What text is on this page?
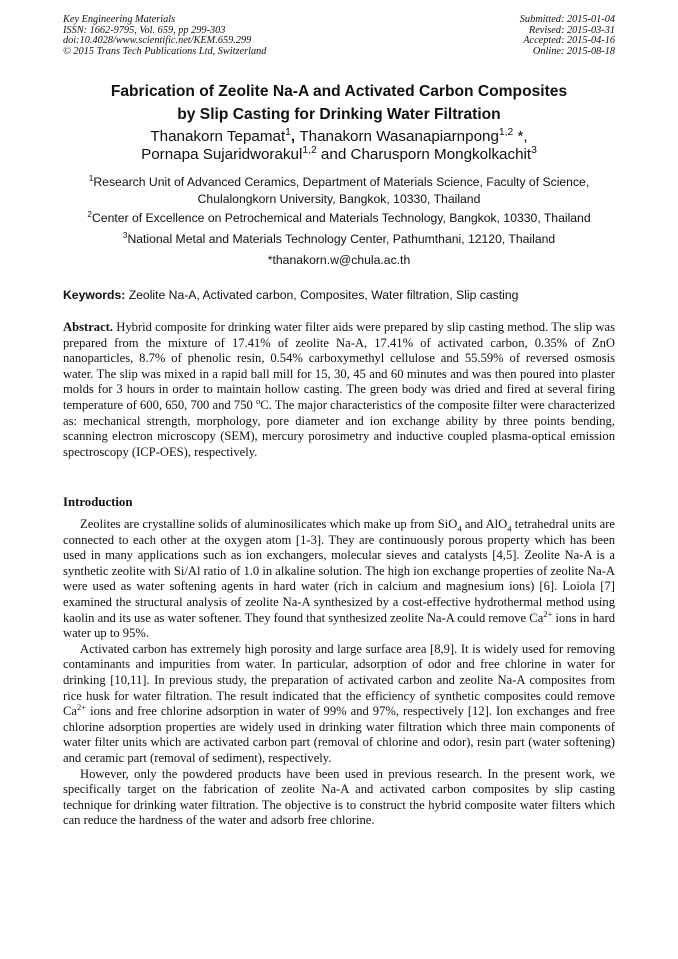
Key Engineering Materials
ISSN: 1662-9795, Vol. 659, pp 299-303
doi:10.4028/www.scientific.net/KEM.659.299
© 2015 Trans Tech Publications Ltd, Switzerland
Submitted: 2015-01-04
Revised: 2015-03-31
Accepted: 2015-04-16
Online: 2015-08-18
Fabrication of Zeolite Na-A and Activated Carbon Composites
by Slip Casting for Drinking Water Filtration
Thanakorn Tepamat$^1$, Thanakorn Wasanapiarnpong$^{1,2}$ *,
Pornapa Sujaridworakul$^{1,2}$ and Charusporn Mongkolkachit$^3$
$^1$Research Unit of Advanced Ceramics, Department of Materials Science, Faculty of Science,
Chulalongkorn University, Bangkok, 10330, Thailand
$^2$Center of Excellence on Petrochemical and Materials Technology, Bangkok, 10330, Thailand
$^3$National Metal and Materials Technology Center, Pathumthani, 12120, Thailand
*thanakorn.w@chula.ac.th
Keywords: Zeolite Na-A, Activated carbon, Composites, Water filtration, Slip casting

Abstract. Hybrid composite for drinking water filter aids were prepared by slip casting method. The slip was prepared from the mixture of 17.41% of zeolite Na-A, 17.41% of activated carbon, 0.35% of ZnO nanoparticles, 8.7% of phenolic resin, 0.54% carboxymethyl cellulose and 55.59% of reversed osmosis water. The slip was mixed in a rapid ball mill for 15, 30, 45 and 60 minutes and was then poured into plaster molds for 3 hours in order to maintain hollow casting. The green body was dried and fired at several firing temperature of 600, 650, 700 and 750 $^o$C. The major characteristics of the composite filter were characterized as: mechanical strength, morphology, pore diameter and ion exchange ability by three points bending, scanning electron microscopy (SEM), mercury porosimetry and inductive coupled plasma-optical emission spectroscopy (ICP-OES), respectively.

Introduction

Zeolites are crystalline solids of aluminosilicates which make up from SiO$_4$ and AlO$_4$ tetrahedral units are connected to each other at the oxygen atom [1-3]. They are continuously porous property which has been used in many applications such as ion exchangers, molecular sieves and catalysts [4,5]. Zeolite Na-A is a synthetic zeolite with Si/Al ratio of 1.0 in alkaline solution. The high ion exchange properties of zeolite Na-A were used as water softening agents in hard water (rich in calcium and magnesium ions) [6]. Loiola [7] examined the structural analysis of zeolite Na-A synthesized by a cost-effective hydrothermal method using kaolin and its use as water softener. They found that synthesized zeolite Na-A could remove $Ca^{2+}$ ions in hard water up to 95%.

Activated carbon has extremely high porosity and large surface area [8,9]. It is widely used for removing contaminants and impurities from water. In particular, adsorption of odor and free chlorine in water for drinking [10,11]. In previous study, the preparation of activated carbon and zeolite Na-A composites from rice husk for water filtration. The result indicated that the efficiency of synthetic composites could remove $Ca^{2+}$ ions and free chlorine adsorption in water of 99% and 97%, respectively [12]. Ion exchanges and free chlorine adsorption properties are widely used in drinking water filtration which three main components of water filter units which are activated carbon part (removal of chlorine and odor), resin part (water softening) and ceramic part (removal of sediment), respectively.

However, only the powdered products have been used in previous research. In the present work, we specifically target on the fabrication of zeolite Na-A and activated carbon composites by slip casting technique for drinking water filtration. The objective is to construct the hybrid composite water filters which can reduce the hardness of the water and adsorb free chlorine.
